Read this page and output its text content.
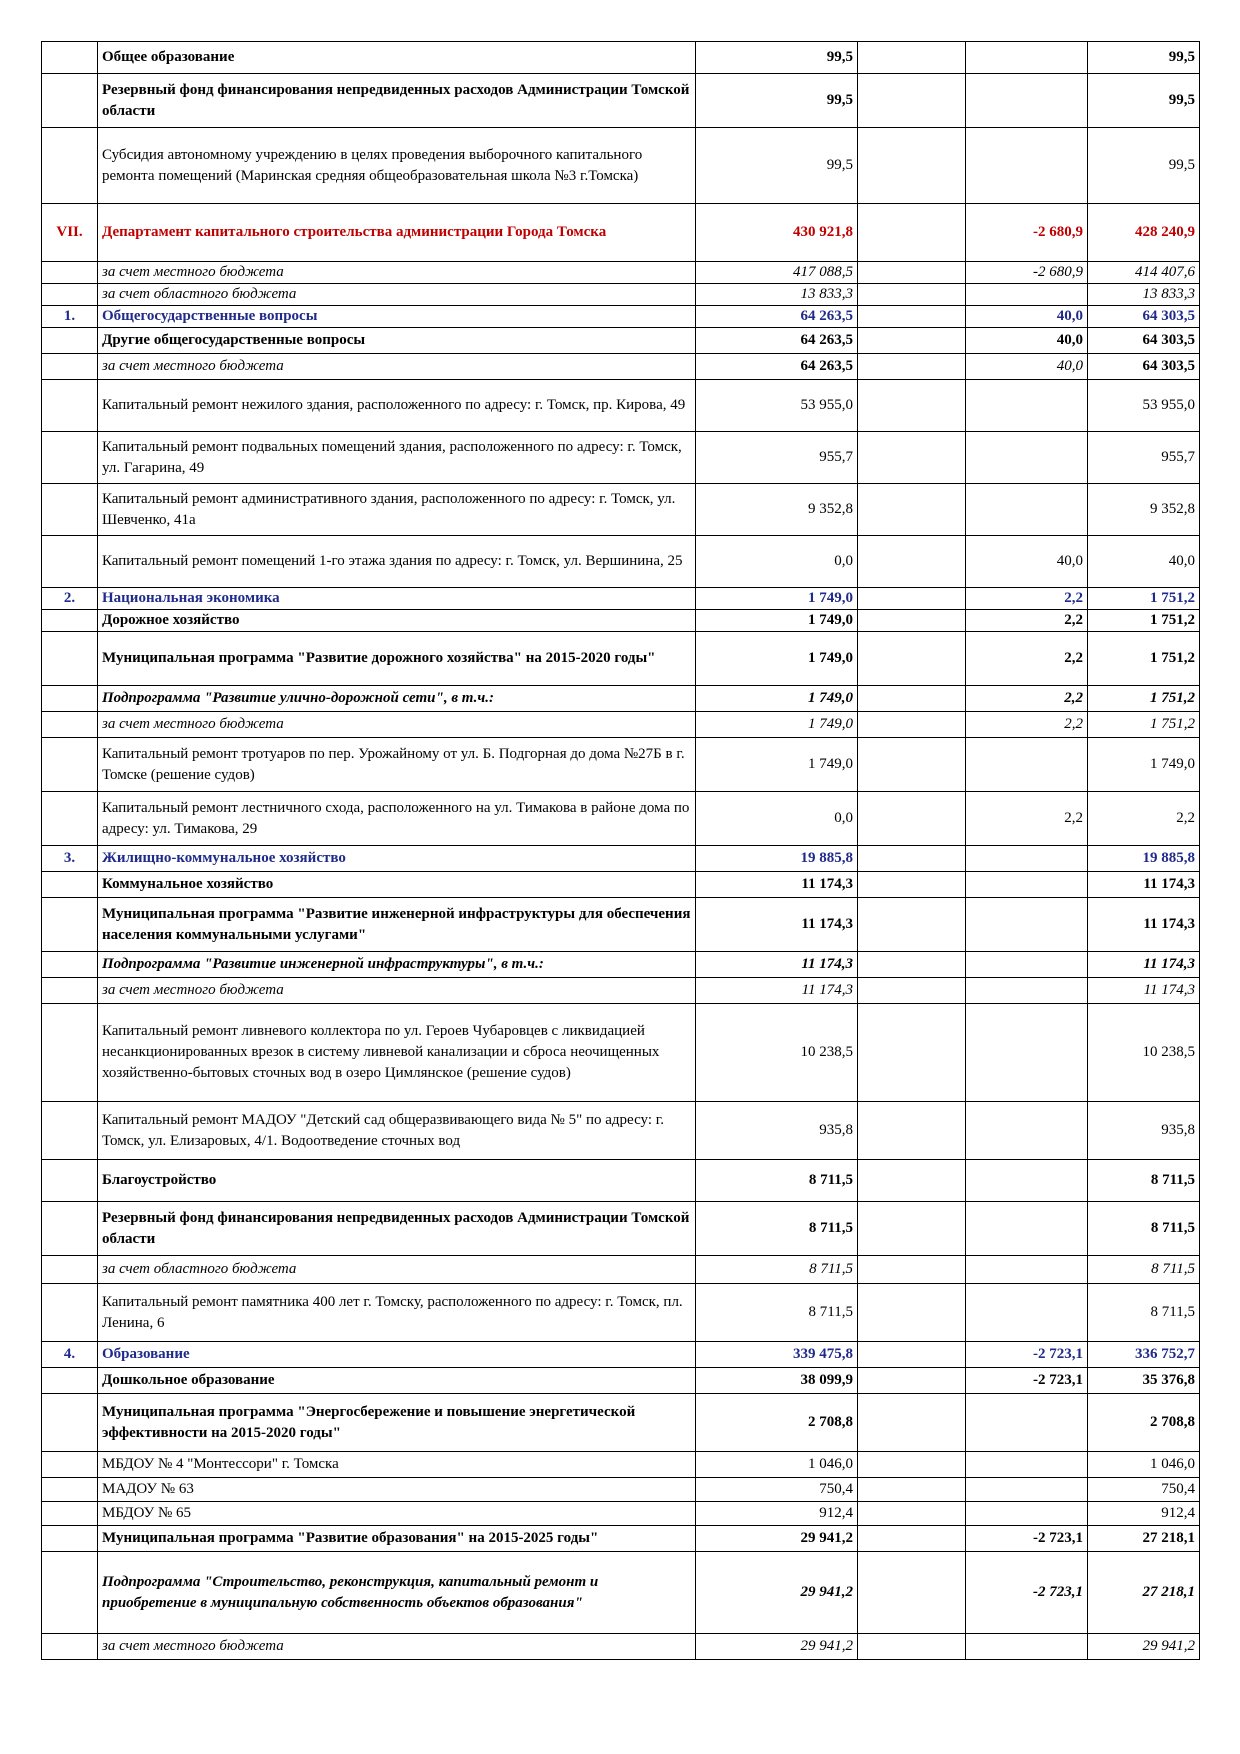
	Общее образование	99,5			99,5
	Резервный фонд финансирования непредвиденных расходов Администрации Томской области	99,5			99,5
	Субсидия автономному учреждению в целях проведения выборочного капитального ремонта помещений (Маринская средняя общеобразовательная школа №3 г.Томска)	99,5			99,5
VII.	Департамент капитального строительства администрации Города Томска	430 921,8		-2 680,9	428 240,9
	за счет местного бюджета	417 088,5		-2 680,9	414 407,6
	за счет областного бюджета	13 833,3			13 833,3
1.	Общегосударственные вопросы	64 263,5		40,0	64 303,5
	Другие общегосударственные вопросы	64 263,5		40,0	64 303,5
	за счет местного бюджета	64 263,5		40,0	64 303,5
	Капитальный ремонт нежилого здания, расположенного по адресу: г. Томск, пр. Кирова, 49	53 955,0			53 955,0
	Капитальный ремонт подвальных помещений здания, расположенного по адресу: г. Томск, ул. Гагарина, 49	955,7			955,7
	Капитальный ремонт административного здания, расположенного по адресу: г. Томск, ул. Шевченко, 41а	9 352,8			9 352,8
	Капитальный ремонт помещений 1-го этажа здания по адресу: г. Томск, ул. Вершинина, 25	0,0		40,0	40,0
2.	Национальная экономика	1 749,0		2,2	1 751,2
	Дорожное хозяйство	1 749,0		2,2	1 751,2
	Муниципальная программа "Развитие дорожного хозяйства" на 2015-2020 годы"	1 749,0		2,2	1 751,2
	Подпрограмма "Развитие улично-дорожной сети", в т.ч.:	1 749,0		2,2	1 751,2
	за счет местного бюджета	1 749,0		2,2	1 751,2
	Капитальный ремонт тротуаров по пер. Урожайному от ул. Б. Подгорная до дома №27Б в г. Томске (решение судов)	1 749,0			1 749,0
	Капитальный ремонт лестничного схода, расположенного на ул. Тимакова в районе дома по адресу: ул. Тимакова, 29	0,0		2,2	2,2
3.	Жилищно-коммунальное хозяйство	19 885,8			19 885,8
	Коммунальное хозяйство	11 174,3			11 174,3
	Муниципальная программа "Развитие инженерной инфраструктуры для обеспечения населения коммунальными услугами"	11 174,3			11 174,3
	Подпрограмма "Развитие инженерной инфраструктуры", в т.ч.:	11 174,3			11 174,3
	за счет местного бюджета	11 174,3			11 174,3
	Капитальный ремонт ливневого коллектора по ул. Героев Чубаровцев с ликвидацией несанкционированных врезок в систему ливневой канализации и сброса неочищенных хозяйственно-бытовых сточных вод в озеро Цимлянское (решение судов)	10 238,5			10 238,5
	Капитальный ремонт МАДОУ "Детский сад общеразвивающего вида № 5" по адресу: г. Томск, ул. Елизаровых, 4/1. Водоотведение сточных вод	935,8			935,8
	Благоустройство	8 711,5			8 711,5
	Резервный фонд финансирования непредвиденных расходов Администрации Томской области	8 711,5			8 711,5
	за счет областного бюджета	8 711,5			8 711,5
	Капитальный ремонт памятника 400 лет г. Томску, расположенного по адресу: г. Томск, пл. Ленина, 6	8 711,5			8 711,5
4.	Образование	339 475,8		-2 723,1	336 752,7
	Дошкольное образование	38 099,9		-2 723,1	35 376,8
	Муниципальная программа "Энергосбережение и повышение энергетической эффективности на 2015-2020 годы"	2 708,8			2 708,8
	МБДОУ № 4 "Монтессори" г. Томска	1 046,0			1 046,0
	МАДОУ № 63	750,4			750,4
	МБДОУ № 65	912,4			912,4
	Муниципальная программа "Развитие образования" на 2015-2025 годы"	29 941,2		-2 723,1	27 218,1
	Подпрограмма "Строительство, реконструкция, капитальный ремонт и приобретение в муниципальную собственность объектов образования"	29 941,2		-2 723,1	27 218,1
	за счет местного бюджета	29 941,2			29 941,2
